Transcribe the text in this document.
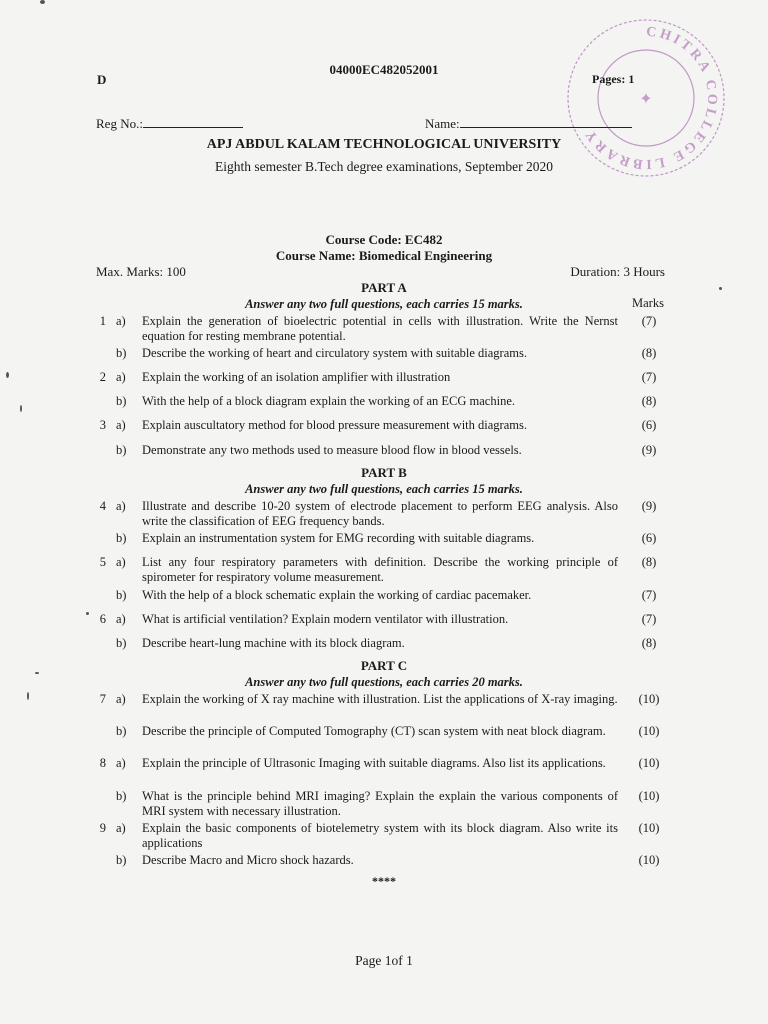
CHITRA COLLEGE LIBRARY
✦
04000EC482052001
D	Pages: 1
Reg No.:	Name:
APJ ABDUL KALAM TECHNOLOGICAL UNIVERSITY
Eighth semester B.Tech degree examinations, September 2020
Course Code: EC482
Course Name: Biomedical Engineering
Max. Marks: 100	Duration: 3 Hours
Marks
PART A
Answer any two full questions, each carries 15 marks.
1 a) Explain the generation of bioelectric potential in cells with illustration. Write the Nernst equation for resting membrane potential.
(7)
b) Describe the working of heart and circulatory system with suitable diagrams.	(8)
2 a) Explain the working of an isolation amplifier with illustration	(7)
b) With the help of a block diagram explain the working of an ECG machine.	(8)
3 a) Explain auscultatory method for blood pressure measurement with diagrams.	(6)
b) Demonstrate any two methods used to measure blood flow in blood vessels.	(9)
PART B
Answer any two full questions, each carries 15 marks.
4 a) Illustrate and describe 10-20 system of electrode placement to perform EEG analysis. Also write the classification of EEG frequency bands.
(9)
b) Explain an instrumentation system for EMG recording with suitable diagrams.	(6)
5 a) List any four respiratory parameters with definition. Describe the working principle of spirometer for respiratory volume measurement.
(8)
b) With the help of a block schematic explain the working of cardiac pacemaker.	(7)
6 a) What is artificial ventilation? Explain modern ventilator with illustration.	(7)
b) Describe heart-lung machine with its block diagram.	(8)
PART C
Answer any two full questions, each carries 20 marks.
7 a) Explain the working of X ray machine with illustration. List the applications of X-ray imaging.	(10)
b) Describe the principle of Computed Tomography (CT) scan system with neat block diagram.	(10)
8 a) Explain the principle of Ultrasonic Imaging with suitable diagrams. Also list its applications.	(10)
b) What is the principle behind MRI imaging? Explain the explain the various components of MRI system with necessary illustration.
(10)
9 a) Explain the basic components of biotelemetry system with its block diagram. Also write its applications
(10)
b) Describe Macro and Micro shock hazards.	(10)
****
Page 1of 1
